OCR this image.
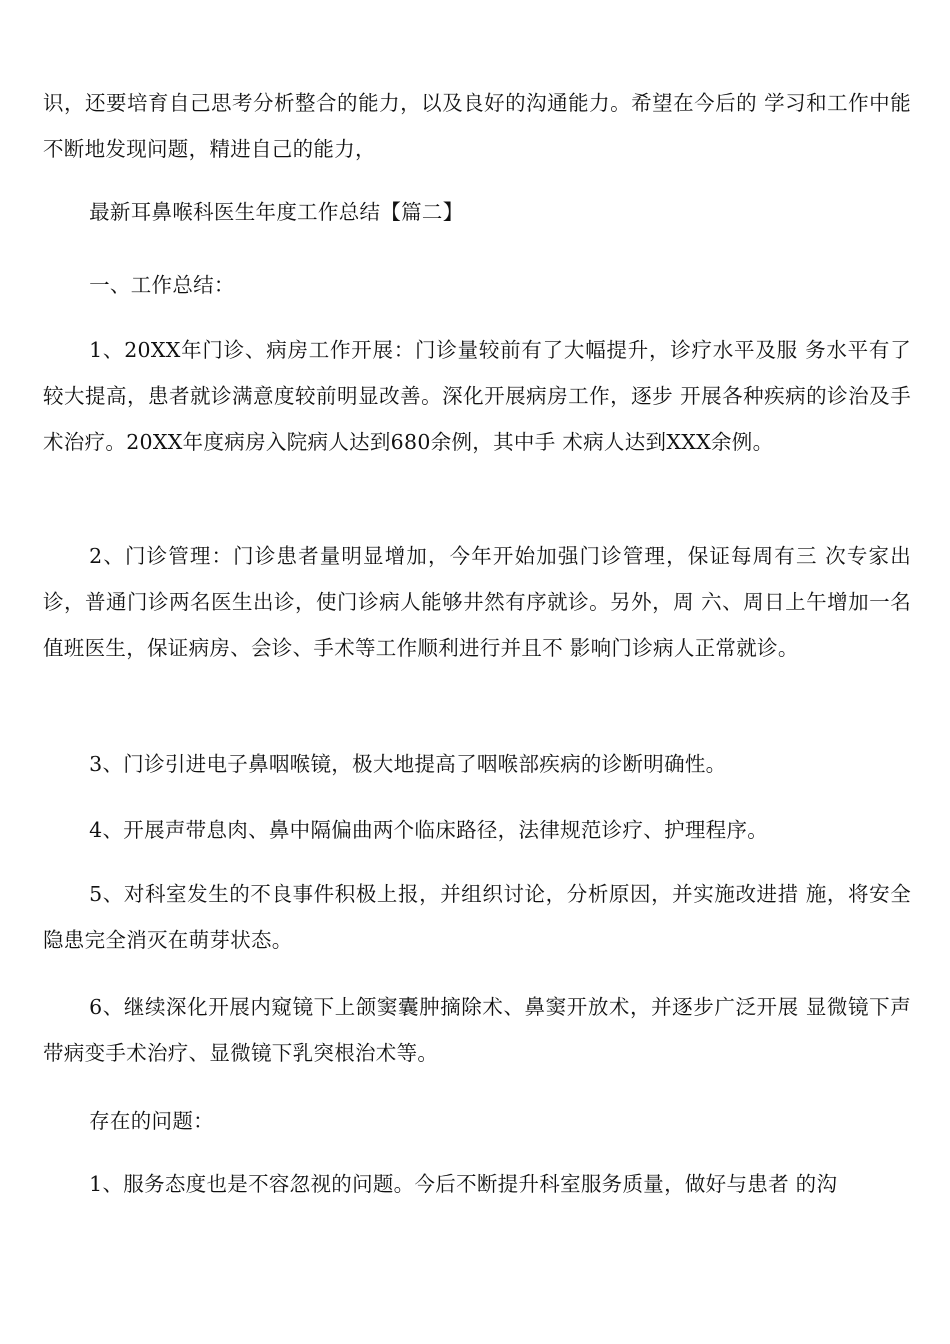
识，还要培育自己思考分析整合的能力，以及良好的沟通能力。希望在今后的 学习和工作中能不断地发现问题，精进自己的能力，

最新耳鼻喉科医生年度工作总结【篇二】

一、工作总结：

1、20XX年门诊、病房工作开展：门诊量较前有了大幅提升，诊疗水平及服 务水平有了较大提高，患者就诊满意度较前明显改善。深化开展病房工作，逐步 开展各种疾病的诊治及手术治疗。20XX年度病房入院病人达到680余例，其中手 术病人达到XXX余例。

2、门诊管理：门诊患者量明显增加，今年开始加强门诊管理，保证每周有三 次专家出诊，普通门诊两名医生出诊，使门诊病人能够井然有序就诊。另外，周 六、周日上午增加一名值班医生，保证病房、会诊、手术等工作顺利进行并且不 影响门诊病人正常就诊。

3、门诊引进电子鼻咽喉镜，极大地提高了咽喉部疾病的诊断明确性。

4、开展声带息肉、鼻中隔偏曲两个临床路径，法律规范诊疗、护理程序。

5、对科室发生的不良事件积极上报，并组织讨论，分析原因，并实施改进措 施，将安全隐患完全消灭在萌芽状态。

6、继续深化开展内窥镜下上颌窦囊肿摘除术、鼻窦开放术，并逐步广泛开展 显微镜下声带病变手术治疗、显微镜下乳突根治术等。

存在的问题：

1、服务态度也是不容忽视的问题。今后不断提升科室服务质量，做好与患者 的沟
